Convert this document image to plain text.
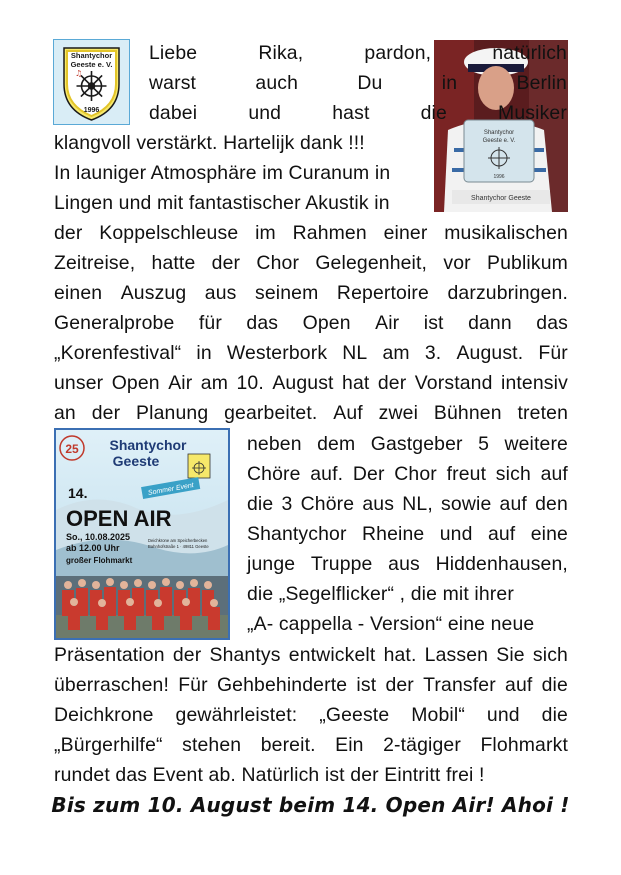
Shantychor
Geeste e. V.
♫
1996
Shantychor
Geeste e. V.
1996
Shantychor Geeste
25 Shantychor
Geeste
14.	Sommer Event
OPEN AIR
So., 10.08.2025
ab 12.00 Uhr
großer Flohmarkt
Deichkrone am Speicherbecken
Bahnhofstraße 1 · 49811 Geeste
Liebe	Rika,	pardon,	natürlich
warst	auch	Du	in	Berlin
dabei	und	hast	die	Musiker
klangvoll verstärkt. Hartelijk dank !!!
In launiger Atmosphäre im Curanum in
Lingen und mit fantastischer Akustik in
der Koppelschleuse im Rahmen einer musikalischen
Zeitreise, hatte der Chor Gelegenheit, vor Publikum
einen Auszug aus seinem Repertoire darzubringen.
Generalprobe für das Open Air ist dann das
„Korenfestival“ in Westerbork NL am 3. August. Für
unser Open Air am 10. August hat der Vorstand intensiv
an der Planung gearbeitet. Auf zwei Bühnen treten
neben dem Gastgeber 5 weitere
Chöre auf. Der Chor freut sich auf
die 3 Chöre aus NL, sowie auf den
Shantychor Rheine und auf eine
junge Truppe aus Hiddenhausen,
die „Segelflicker“ , die mit ihrer
„A- cappella - Version“ eine neue
Präsentation der Shantys entwickelt hat. Lassen Sie sich
überraschen! Für Gehbehinderte ist der Transfer auf die
Deichkrone gewährleistet: „Geeste Mobil“ und die
„Bürgerhilfe“ stehen bereit. Ein 2-tägiger Flohmarkt
rundet das Event ab. Natürlich ist der Eintritt frei !
Bis zum 10. August beim 14. Open Air! Ahoi !
